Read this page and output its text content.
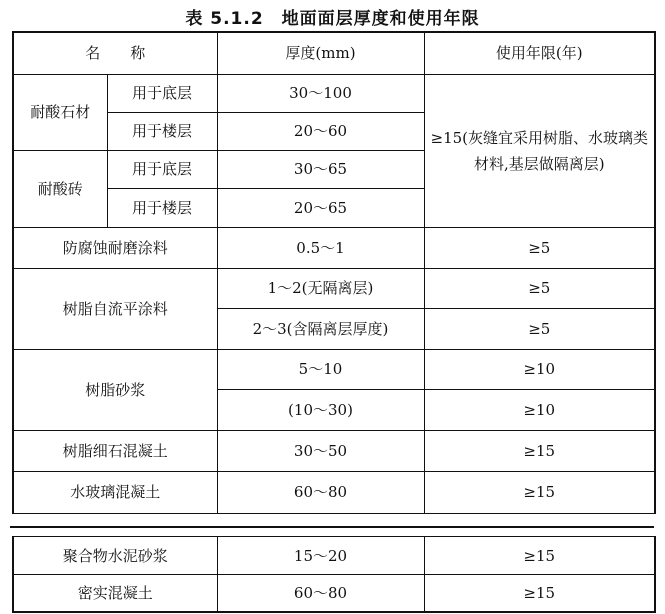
表 5.1.2　地面面层厚度和使用年限
名　　称		厚度(mm)	使用年限(年)
耐酸石材	用于底层	30～100	≥15(灰缝宜采用树脂、水玻璃类材料,基层做隔离层)
	用于楼层	20～60	
耐酸砖	用于底层	30～65	
	用于楼层	20～65	
防腐蚀耐磨涂料		0.5～1	≥5
树脂自流平涂料		1～2(无隔离层)	≥5
		2～3(含隔离层厚度)	≥5
树脂砂浆		5～10	≥10
		(10～30)	≥10
树脂细石混凝土		30～50	≥15
水玻璃混凝土		60～80	≥15
聚合物水泥砂浆	15～20	≥15
密实混凝土	60～80	≥15
